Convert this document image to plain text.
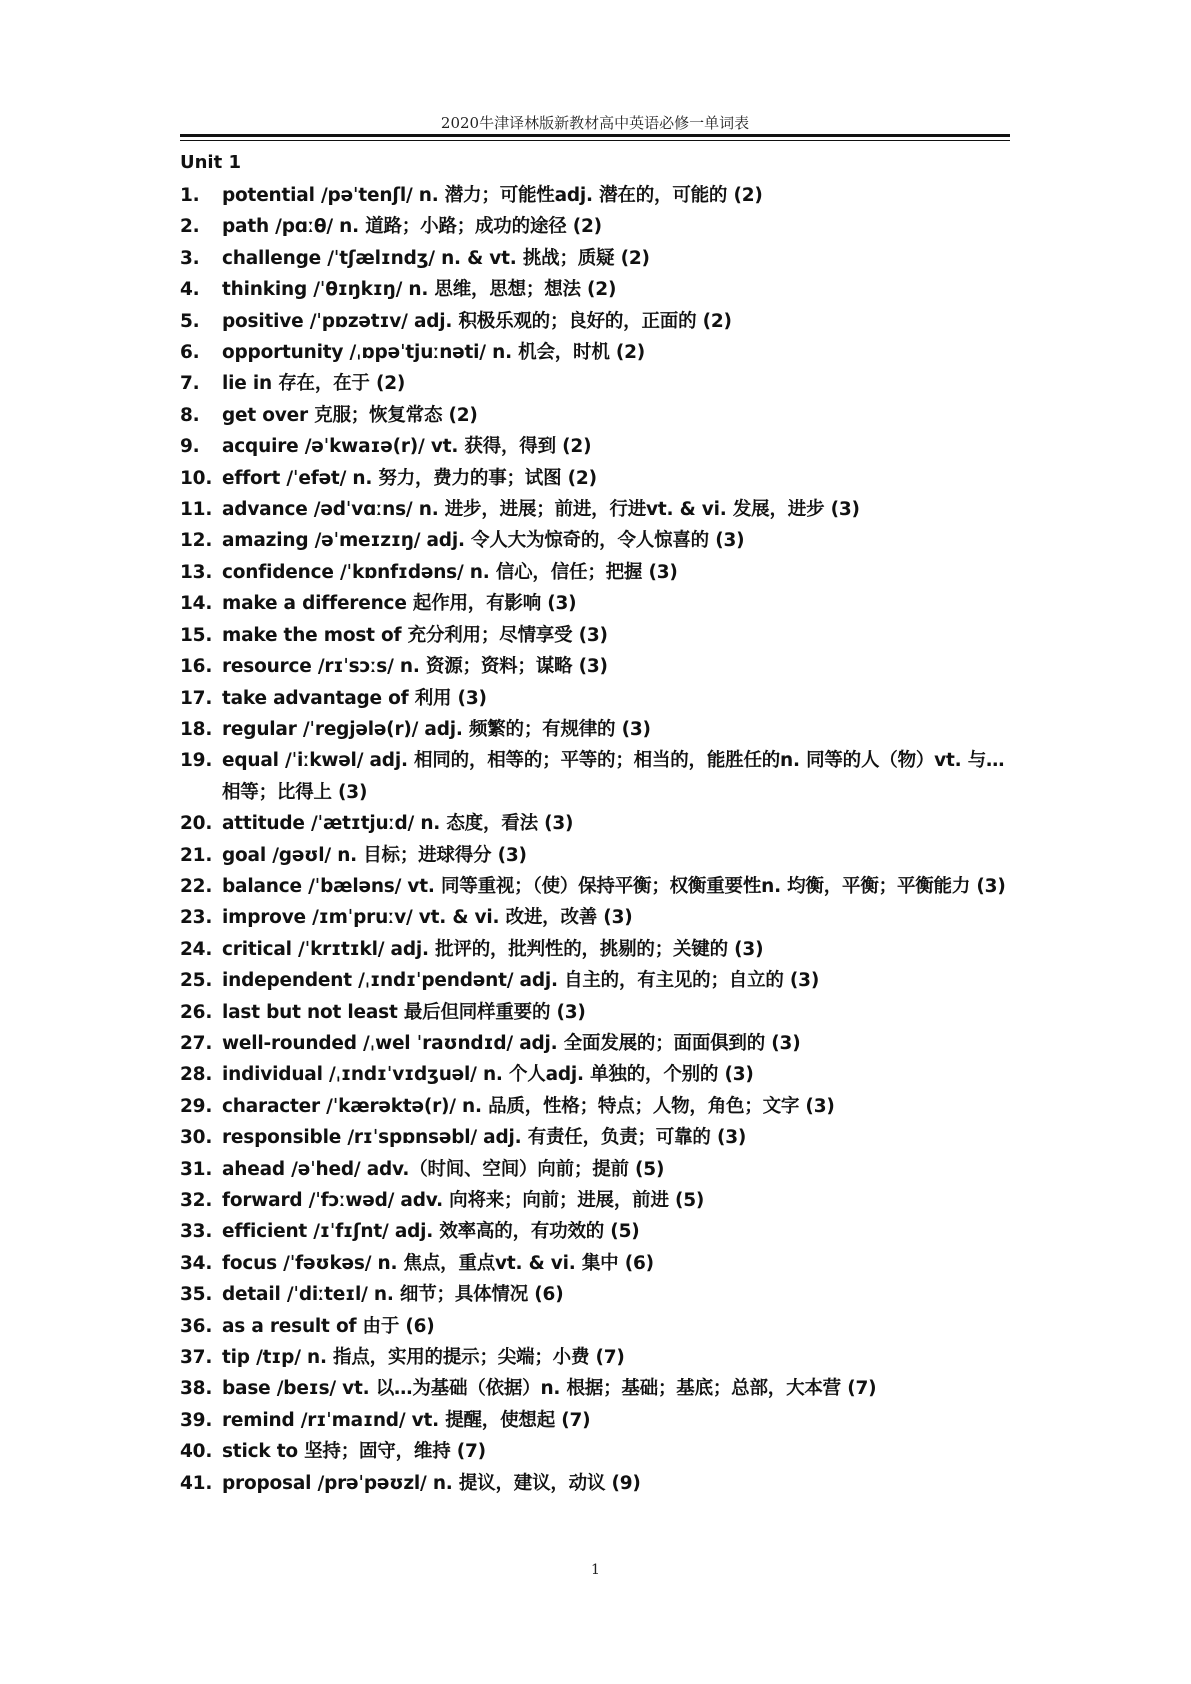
2020牛津译林版新教材高中英语必修一单词表
Unit 1
1.	potential /pəˈtenʃl/ n. 潜力；可能性adj. 潜在的，可能的 (2)
2.	path /pɑːθ/ n. 道路；小路；成功的途径 (2)
3.	challenge /ˈtʃælɪndʒ/ n. & vt. 挑战；质疑 (2)
4.	thinking /ˈθɪŋkɪŋ/ n. 思维，思想；想法 (2)
5.	positive /ˈpɒzətɪv/ adj. 积极乐观的；良好的，正面的 (2)
6.	opportunity /ˌɒpəˈtjuːnəti/ n. 机会，时机 (2)
7.	lie in 存在，在于 (2)
8.	get over 克服；恢复常态 (2)
9.	acquire /əˈkwaɪə(r)/ vt. 获得，得到 (2)
10. effort /ˈefət/ n. 努力，费力的事；试图 (2)
11. advance /ədˈvɑːns/ n. 进步，进展；前进，行进vt. & vi. 发展，进步 (3)
12. amazing /əˈmeɪzɪŋ/ adj. 令人大为惊奇的，令人惊喜的 (3)
13. confidence /ˈkɒnfɪdəns/ n. 信心，信任；把握 (3)
14. make a difference 起作用，有影响 (3)
15. make the most of 充分利用；尽情享受 (3)
16. resource /rɪˈsɔːs/ n. 资源；资料；谋略 (3)
17. take advantage of 利用 (3)
18. regular /ˈregjələ(r)/ adj. 频繁的；有规律的 (3)
19. equal /ˈiːkwəl/ adj. 相同的，相等的；平等的；相当的，能胜任的n. 同等的人（物）vt. 与…相等；比得上 (3)
20. attitude /ˈætɪtjuːd/ n. 态度，看法 (3)
21. goal /gəʊl/ n. 目标；进球得分 (3)
22. balance /ˈbæləns/ vt. 同等重视；（使）保持平衡；权衡重要性n. 均衡，平衡；平衡能力 (3)
23. improve /ɪmˈpruːv/ vt. & vi. 改进，改善 (3)
24. critical /ˈkrɪtɪkl/ adj. 批评的，批判性的，挑剔的；关键的 (3)
25. independent /ˌɪndɪˈpendənt/ adj. 自主的，有主见的；自立的 (3)
26. last but not least 最后但同样重要的 (3)
27. well-rounded /ˌwel ˈraʊndɪd/ adj. 全面发展的；面面俱到的 (3)
28. individual /ˌɪndɪˈvɪdʒuəl/ n. 个人adj. 单独的，个别的 (3)
29. character /ˈkærəktə(r)/ n. 品质，性格；特点；人物，角色；文字 (3)
30. responsible /rɪˈspɒnsəbl/ adj. 有责任，负责；可靠的 (3)
31. ahead /əˈhed/ adv.（时间、空间）向前；提前 (5)
32. forward /ˈfɔːwəd/ adv. 向将来；向前；进展，前进 (5)
33. efficient /ɪˈfɪʃnt/ adj. 效率高的，有功效的 (5)
34. focus /ˈfəʊkəs/ n. 焦点，重点vt. & vi. 集中 (6)
35. detail /ˈdiːteɪl/ n. 细节；具体情况 (6)
36. as a result of 由于 (6)
37. tip /tɪp/ n. 指点，实用的提示；尖端；小费 (7)
38. base /beɪs/ vt. 以…为基础（依据）n. 根据；基础；基底；总部，大本营 (7)
39. remind /rɪˈmaɪnd/ vt. 提醒，使想起 (7)
40. stick to 坚持；固守，维持 (7)
41. proposal /prəˈpəʊzl/ n. 提议，建议，动议 (9)
1
